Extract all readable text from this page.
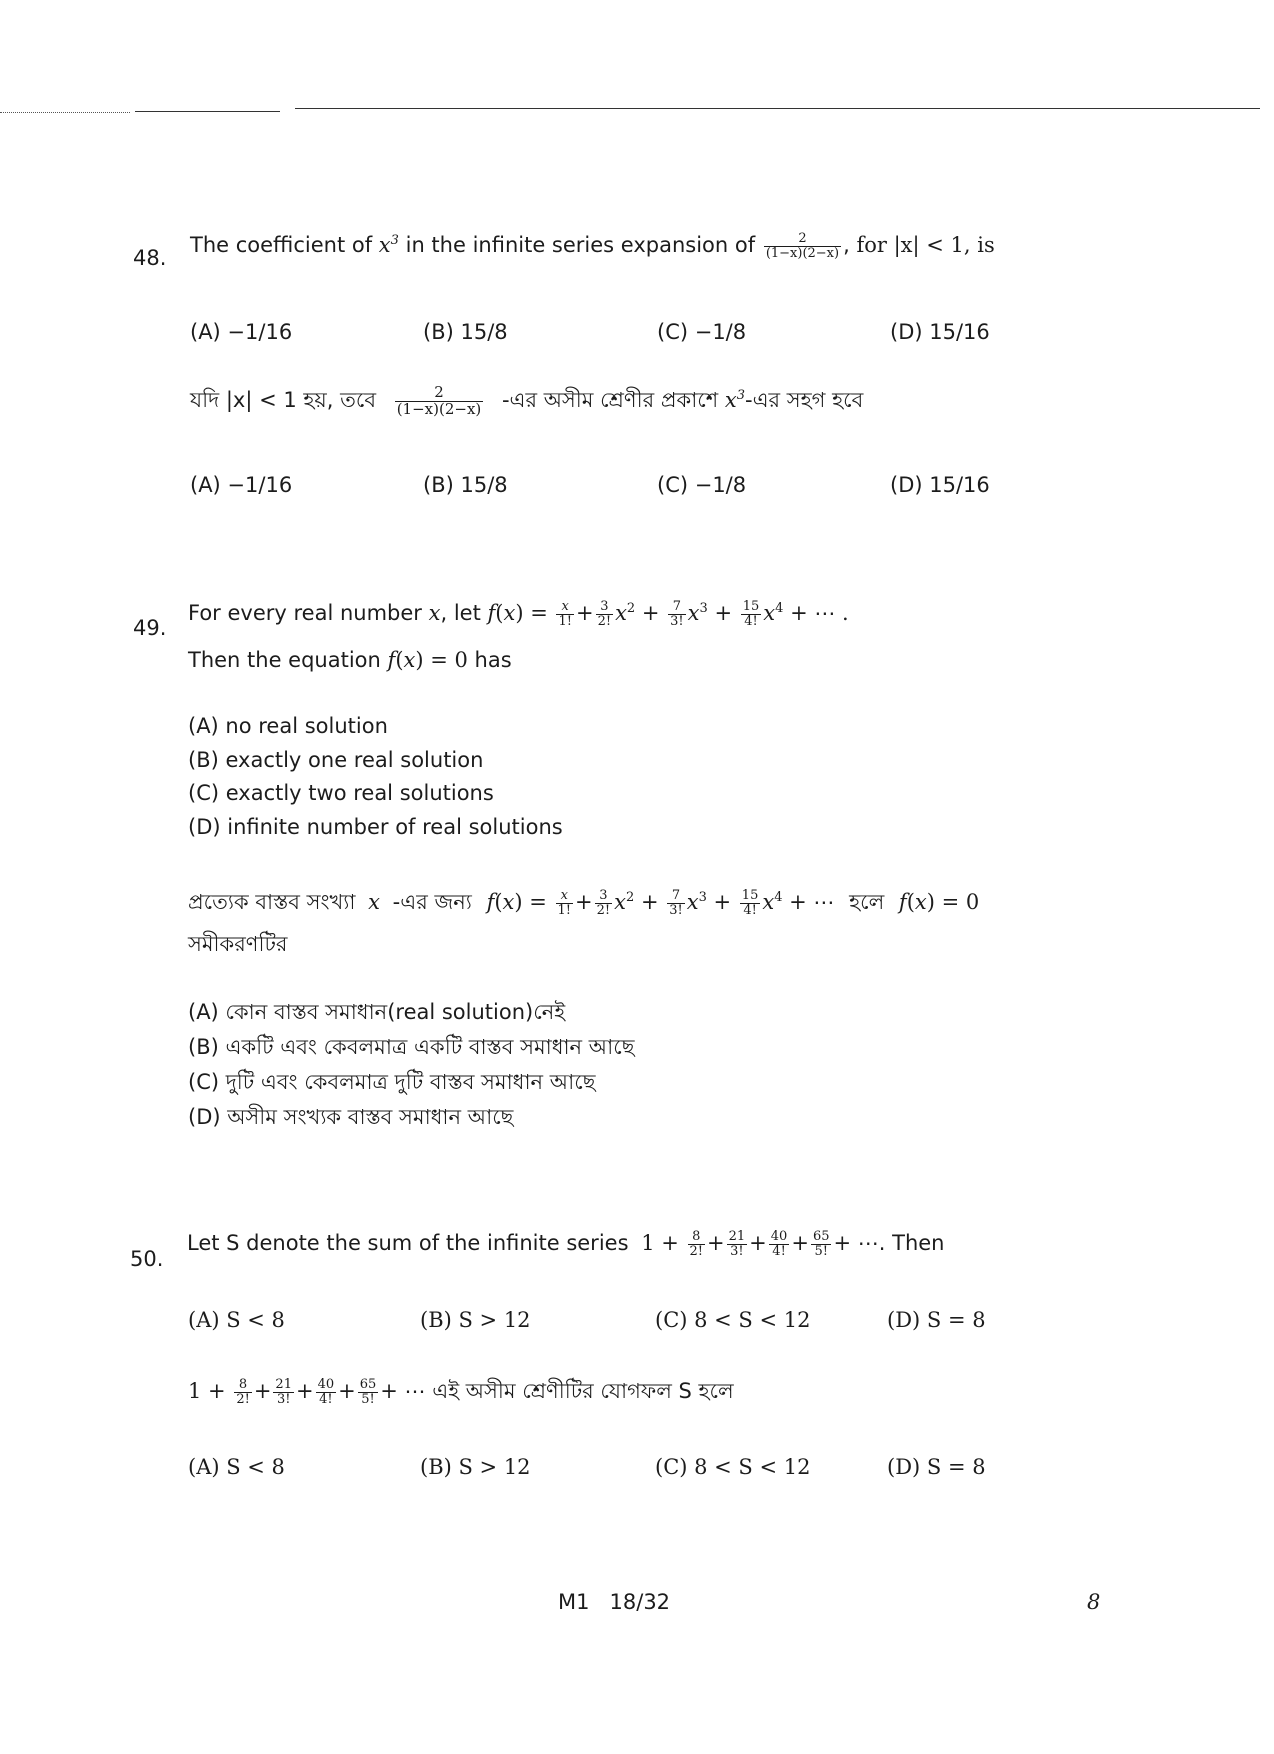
48.
The coefficient of $x^3$ in the infinite series expansion of $\frac{2}{(1-x)(2-x)}$ , for |x| < 1, is
(A) −1/16	(B) 15/8	(C) −1/8	(D) 15/16
যদি |x| < 1 হয়, তবে $\frac{2}{(1-x)(2-x)}$ -এর অসীম শ্রেণীর প্রকাশে $x^3-এর$ সহগ হবে
(A) −1/16	(B) 15/8	(C) −1/8	(D) 15/16
49.
For every real number x, let $f(x) = \frac{x}{1!} + \frac{3}{2!} x^2 + \frac{7}{3!} x^3 + \frac{15}{4!} x^4$ + ⋯ .
Then the equation f(x) = 0 has
(A) no real solution
(B) exactly one real solution
(C) exactly two real solutions
(D) infinite number of real solutions
প্রত্যেক বাস্তব সংখ্যা x -এর জন্য $f(x) = \frac{x}{1!} + \frac{3}{2!} x^2 + \frac{7}{3!} x^3 + \frac{15}{4!} x^4$ + ⋯ হলে f(x) = 0
সমীকরণটির
(A) কোন বাস্তব সমাধান(real solution)নেই
(B) একটি এবং কেবলমাত্র একটি বাস্তব সমাধান আছে
(C) দুটি এবং কেবলমাত্র দুটি বাস্তব সমাধান আছে
(D) অসীম সংখ্যক বাস্তব সমাধান আছে
50.
Let S denote the sum of the infinite series $1 + \frac{8}{2!} + \frac{21}{3!} + \frac{40}{4!} + \frac{65}{5!}$ + ⋯. Then
(A) S < 8	(B) S > 12	(C) 8 < S < 12	(D) S = 8
$1 + \frac{8}{2!} + \frac{21}{3!} + \frac{40}{4!} + \frac{65}{5!}$ + ⋯ এই অসীম শ্রেণীটির যোগফল S হলে
(A) S < 8	(B) S > 12	(C) 8 < S < 12	(D) S = 8
M1 18/32	8
